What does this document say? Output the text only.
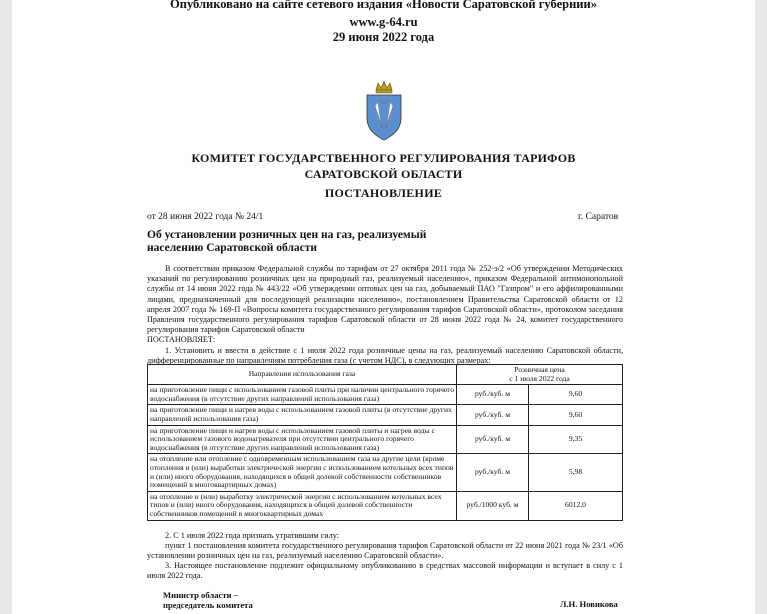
Опубликовано на сайте сетевого издания «Новости Саратовской губернии»
www.g-64.ru
29 июня 2022 года
КОМИТЕТ ГОСУДАРСТВЕННОГО РЕГУЛИРОВАНИЯ ТАРИФОВ
САРАТОВСКОЙ ОБЛАСТИ
ПОСТАНОВЛЕНИЕ
от 28 июня 2022 года № 24/1	г. Саратов
Об установлении розничных цен на газ, реализуемый
населению Саратовской области

В соответствии приказом Федеральной службы по тарифам от 27 октября 2011 года № 252-э/2 «Об утверждении Методических указаний по регулированию розничных цен на природный газ, реализуемый населению», приказом Федеральной антимонопольной службы от 14 июня 2022 года № 443/22 «Об утверждении оптовых цен на газ, добываемый ПАО "Газпром" и его аффилированными лицами, предназначенный для последующей реализации населению», постановлением Правительства Саратовской области от 12 апреля 2007 года № 169-П «Вопросы комитета государственного регулирования тарифов Саратовской области», протоколом заседания Правления государственного регулирования тарифов Саратовской области от 28 июня 2022 года № 24, комитет государственного регулирования тарифов Саратовской области

ПОСТАНОВЛЯЕТ:

1. Установить и ввести в действие с 1 июля 2022 года розничные цены на газ, реализуемый населению Саратовской области, дифференцированные по направлениям потребления газа (с учетом НДС), в следующих размерах:

Направления использования газа	Розничная цена
с 1 июля 2022 года	

на приготовление пищи с использованием газовой плиты при наличии центрального горячего водоснабжения (в отсутствие других направлений использования газа)	руб./куб. м	9,60
на приготовление пищи и нагрев воды с использованием газовой плиты (в отсутствие других направлений использования газа)	руб./куб. м	9,60
на приготовление пищи и нагрев воды с использованием газовой плиты и нагрев воды с использованием газового водонагревателя при отсутствии центрального горячего водоснабжения (в отсутствие других направлений использования газа)	руб./куб. м	9,35
на отопление или отопление с одновременным использованием газа на другие цели (кроме отопления и (или) выработки электрической энергии с использованием котельных всех типов и (или) иного оборудования, находящихся в общей долевой собственности собственников помещений в многоквартирных домах)	руб./куб. м	5,98
на отопление и (или) выработку электрической энергии с использованием котельных всех типов и (или) иного оборудования, находящихся в общей долевой собственности собственников помещений в многоквартирных домах	руб./1000 куб. м	6012,0

2. С 1 июля 2022 года признать утратившим силу:

пункт 1 постановления комитета государственного регулирования тарифов Саратовской области от 22 июня 2021 года № 23/1 «Об установлении розничных цен на газ, реализуемый населению Саратовской области».

3. Настоящее постановление подлежит официальному опубликованию в средствах массовой информации и вступает в силу с 1 июля 2022 года.

Министр области –
председатель комитета	Л.Н. Новикова
